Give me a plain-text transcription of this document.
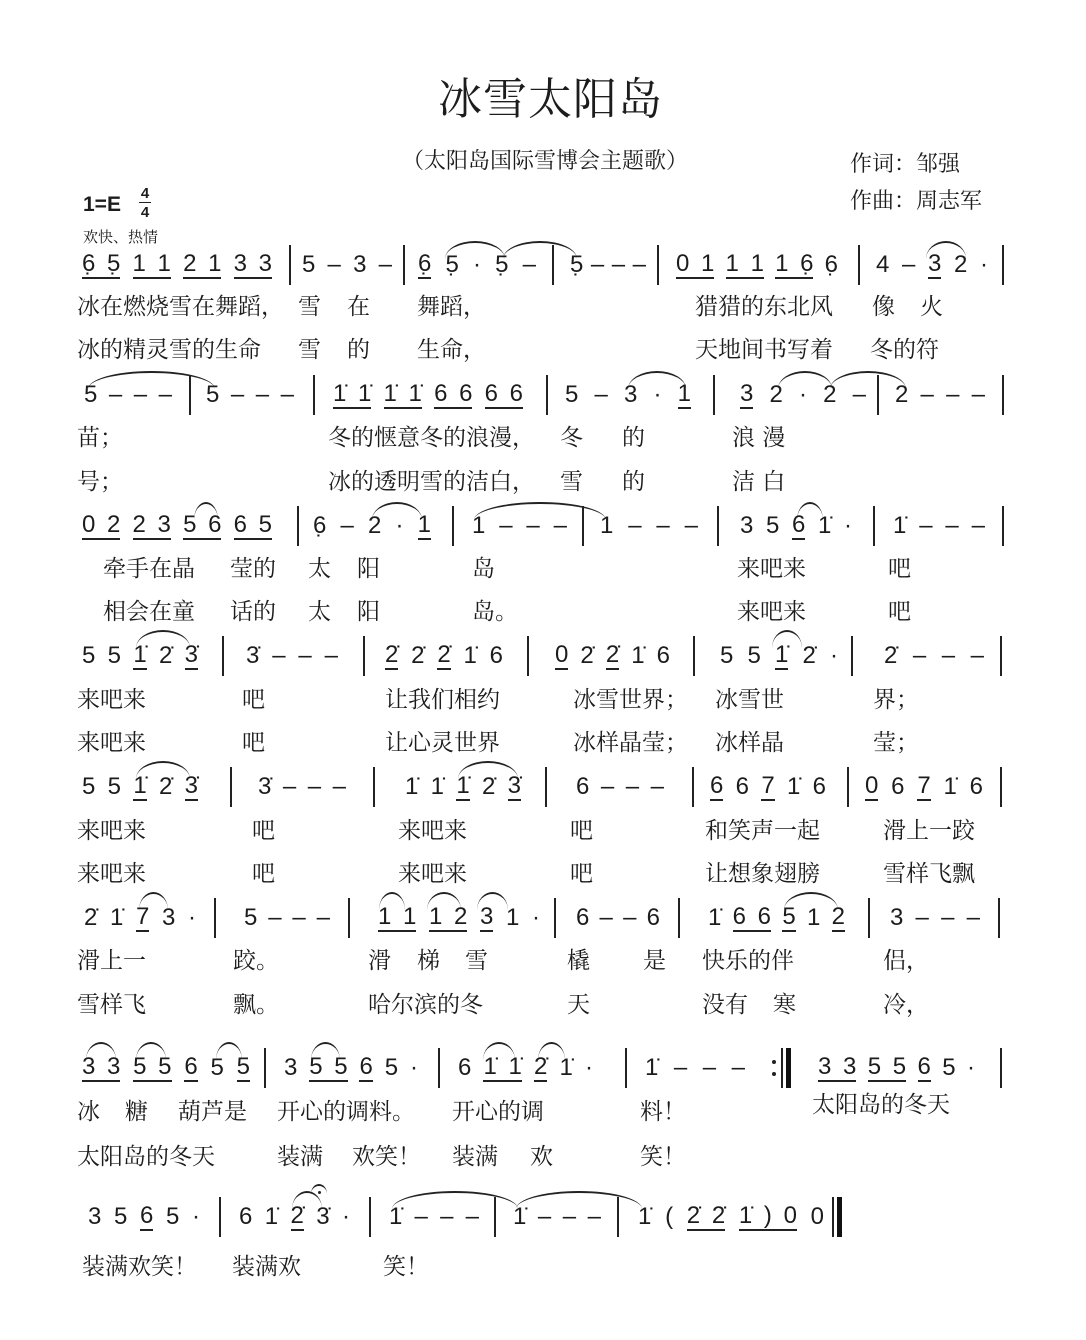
冰雪太阳岛
（太阳岛国际雪博会主题歌）	作词：邹强
作曲：周志军
1=E 4
4
欢快、热情
6̣ 5̣ 1 1 2 1 3 3 5 – 3 – 6̣ 5̣ · 5̣ – 5̣ – – – 0 1 1 1 1 6̣ 6̣ 4 – 3 2 ·
冰在燃烧雪在舞蹈， 雪 在 舞蹈，	猎猎的东北风 像 火
冰的精灵雪的生命 雪 的 生命，	天地间书写着 冬的符
5 – – – 5 – – – 1̇ 1̇ 1̇ 1̇ 6 6 6 6 5 – 3 · 1 3 2 · 2 – 2 – – –
苗；	冬的惬意冬的浪漫， 冬 的	浪 漫
号；	冰的透明雪的洁白， 雪 的	洁 白
0 2 2 3 5 6 6 5 6̣ – 2 · 1 1 – – – 1 – – – 3 5 6 1̇ · 1̇ – – –
牵手在晶 莹的 太 阳	岛	来吧来	吧
相会在童 话的 太 阳	岛。	来吧来	吧
5 5 1̇ 2̇ 3̇ 3̇ – – – 2̇ 2̇ 2̇ 1̇ 6 0 2̇ 2̇ 1̇ 6 5 5 1̇ 2̇ · 2̇ – – –
来吧来	吧	让我们相约	冰雪世界； 冰雪世	界；
来吧来	吧	让心灵世界	冰样晶莹； 冰样晶	莹；
5 5 1̇ 2̇ 3̇	3̇ – – – 1̇ 1̇ 1̇ 2̇ 3̇ 6 – – – 6 6 7 1̇ 6 0 6 7 1̇ 6
来吧来	吧	来吧来	吧	和笑声一起	滑上一跤
来吧来	吧	来吧来	吧	让想象翅膀	雪样飞飘
2̇ 1̇ 7 3 · 5 – – – 1 1 1 2 3 1 · 6 – – 6 1̇ 6 6 5 1 2 3 – – –
滑上一	跤。	滑 梯 雪	橇 是 快乐的伴	侣，
雪样飞	飘。	哈尔滨的冬	天	没有 寒	冷，
3 3 5 5 6 5 5 3 5 5 6 5 · 6 1̇ 1̇ 2̇ 1̇ · 1̇ – – –	3 3 5 5 6 5 ·
冰 糖 葫芦是 开心的调料。 开心的调	料！	太阳岛的冬天
太阳岛的冬天	装满 欢笑！ 装满 欢	笑！
3 5 6 5 · 6 1̇ 2̇ 3̇ · 1̇ – – – 1̇ – – – 1̇ ( 2̇ 2̇ 1̇ ) 0 0
装满欢笑！ 装满欢	笑！
